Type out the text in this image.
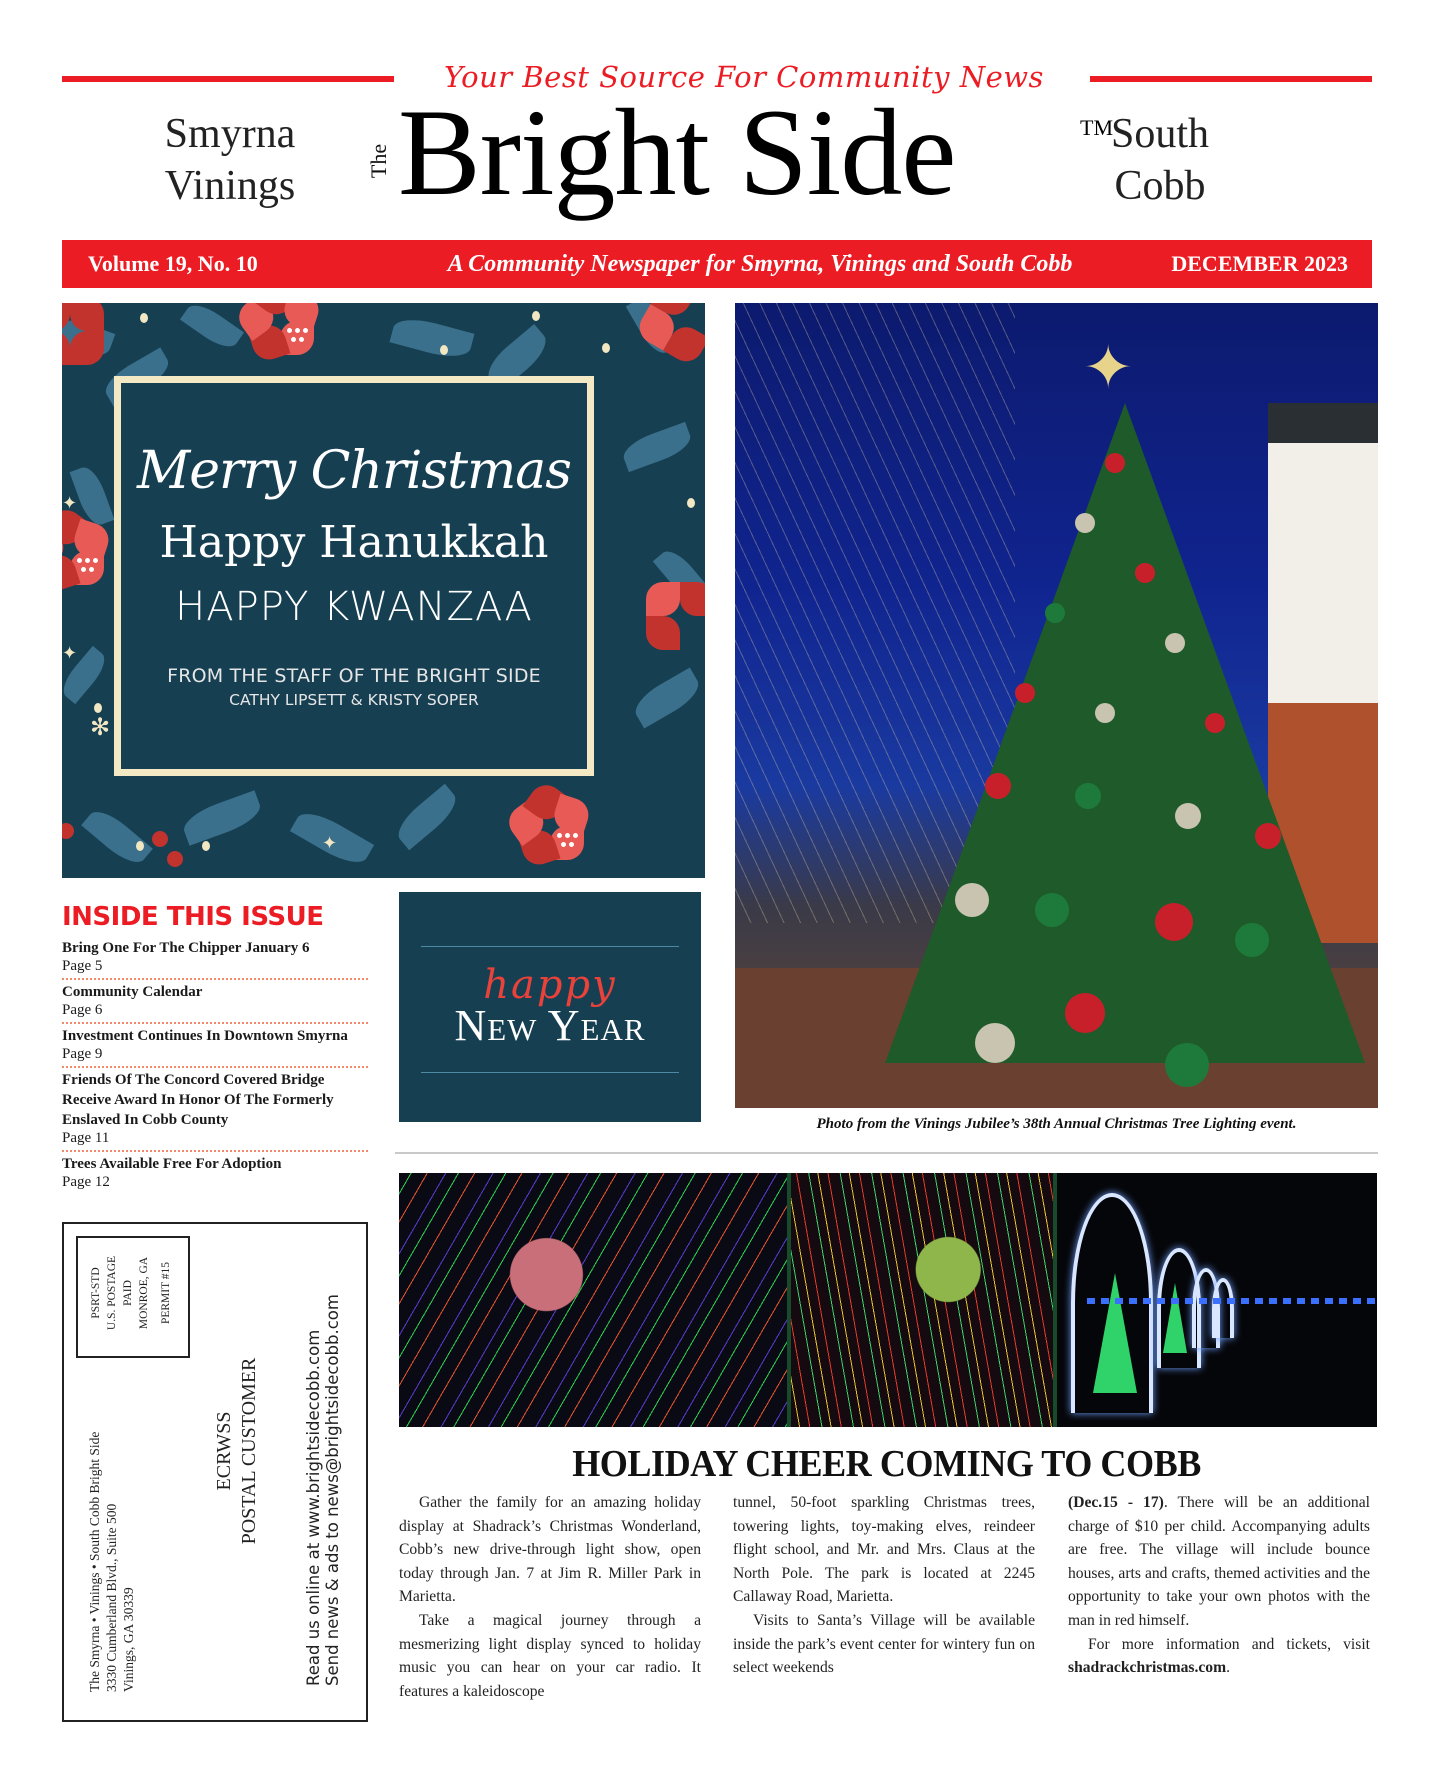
Your Best Source For Community News
Smyrna
Vinings
The Bright Side	TM
South
Cobb
Volume 19, No. 10	A Community Newspaper for Smyrna, Vinings and South Cobb	DECEMBER 2023
✦
✦
✦
✻
Merry Christmas
Happy Hanukkah
HAPPY KWANZAA
FROM THE STAFF OF THE BRIGHT SIDE
CATHY LIPSETT & KRISTY SOPER
✦
Photo from the Vinings Jubilee’s 38th Annual Christmas Tree Lighting event.
INSIDE THIS ISSUE
Bring One For The Chipper January 6
Page 5
Community Calendar
Page 6
Investment Continues In Downtown Smyrna
Page 9
Friends Of The Concord Covered Bridge Receive Award In Honor Of The Formerly Enslaved In Cobb County
Page 11
Trees Available Free For Adoption
Page 12
happy
New Year
PSRT-STD U.S. POSTAGE PAID MONROE, GA PERMIT #15
The Smyrna • Vinings • South Cobb Bright Side 3330 Cumberland Blvd., Suite 500 Vinings, GA 30339
ECRWSS POSTAL CUSTOMER	Read us online at www.brightsidecobb.com Send news & ads to news@brightsidecobb.com	HOLIDAY CHEER COMING TO COBB

Gather the family for an amazing holiday display at Shadrack’s Christmas Wonderland, Cobb’s new drive-through light show, open today through Jan. 7 at Jim R. Miller Park in Marietta.

Take a magical journey through a mesmerizing light display synced to holiday music you can hear on your car radio. It features a kaleidoscope

tunnel, 50-foot sparkling Christmas trees, towering lights, toy-making elves, reindeer flight school, and Mr. and Mrs. Claus at the North Pole. The park is located at 2245 Callaway Road, Marietta.

Visits to Santa’s Village will be available inside the park’s event center for wintery fun on select weekends

(Dec.15 - 17). There will be an additional charge of $10 per child. Accompanying adults are free. The village will include bounce houses, arts and crafts, themed activities and the opportunity to take your own photos with the man in red himself.

For more information and tickets, visit shadrackchristmas.com.
